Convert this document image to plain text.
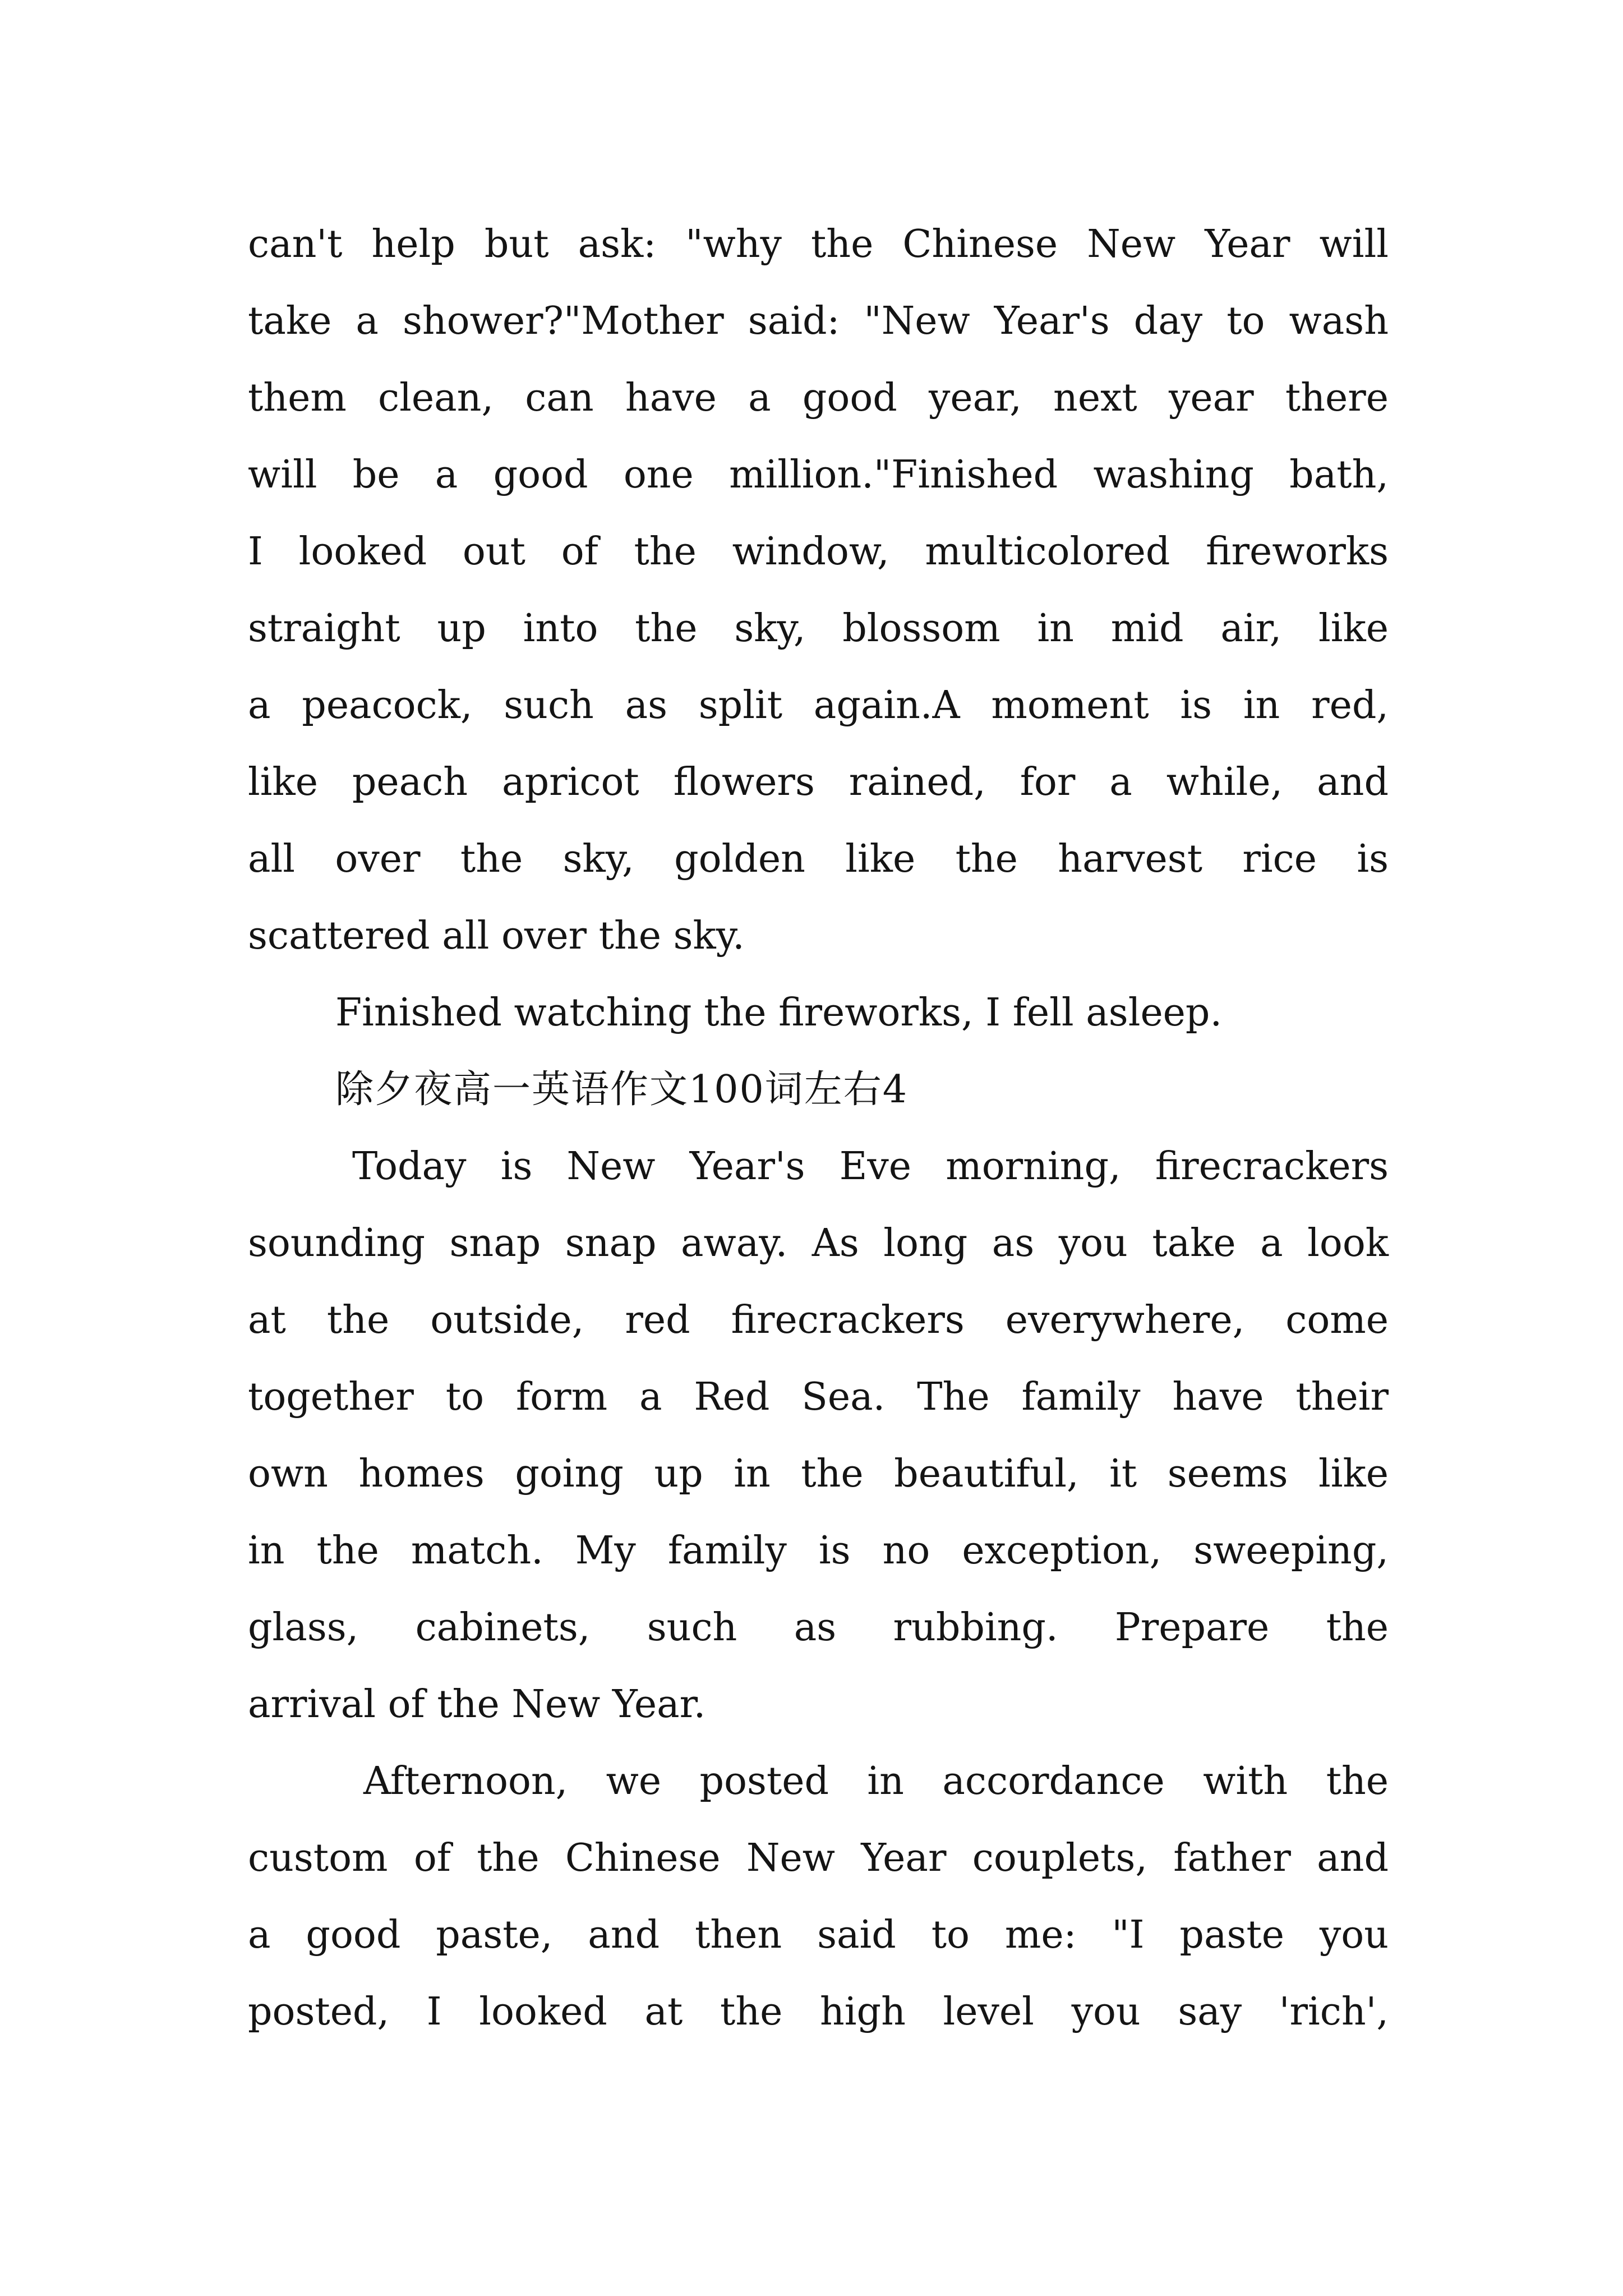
can't help but ask: "why the Chinese New Year will
take a shower?"Mother said: "New Year's day to wash
them clean, can have a good year, next year there
will be a good one million."Finished washing bath,
I looked out of the window, multicolored fireworks
straight up into the sky, blossom in mid air, like
a peacock, such as split again.A moment is in red,
like peach apricot flowers rained, for a while, and
all over the sky, golden like the harvest rice is
scattered all over the sky.
Finished watching the fireworks, I fell asleep.
除夕夜高一英语作文100词左右4
Today is New Year's Eve morning, firecrackers
sounding snap snap away. As long as you take a look
at the outside, red firecrackers everywhere, come
together to form a Red Sea. The family have their
own homes going up in the beautiful, it seems like
in the match. My family is no exception, sweeping,
glass, cabinets, such as rubbing. Prepare the
arrival of the New Year.
Afternoon, we posted in accordance with the
custom of the Chinese New Year couplets, father and
a good paste, and then said to me: "I paste you
posted, I looked at the high level you say 'rich',
